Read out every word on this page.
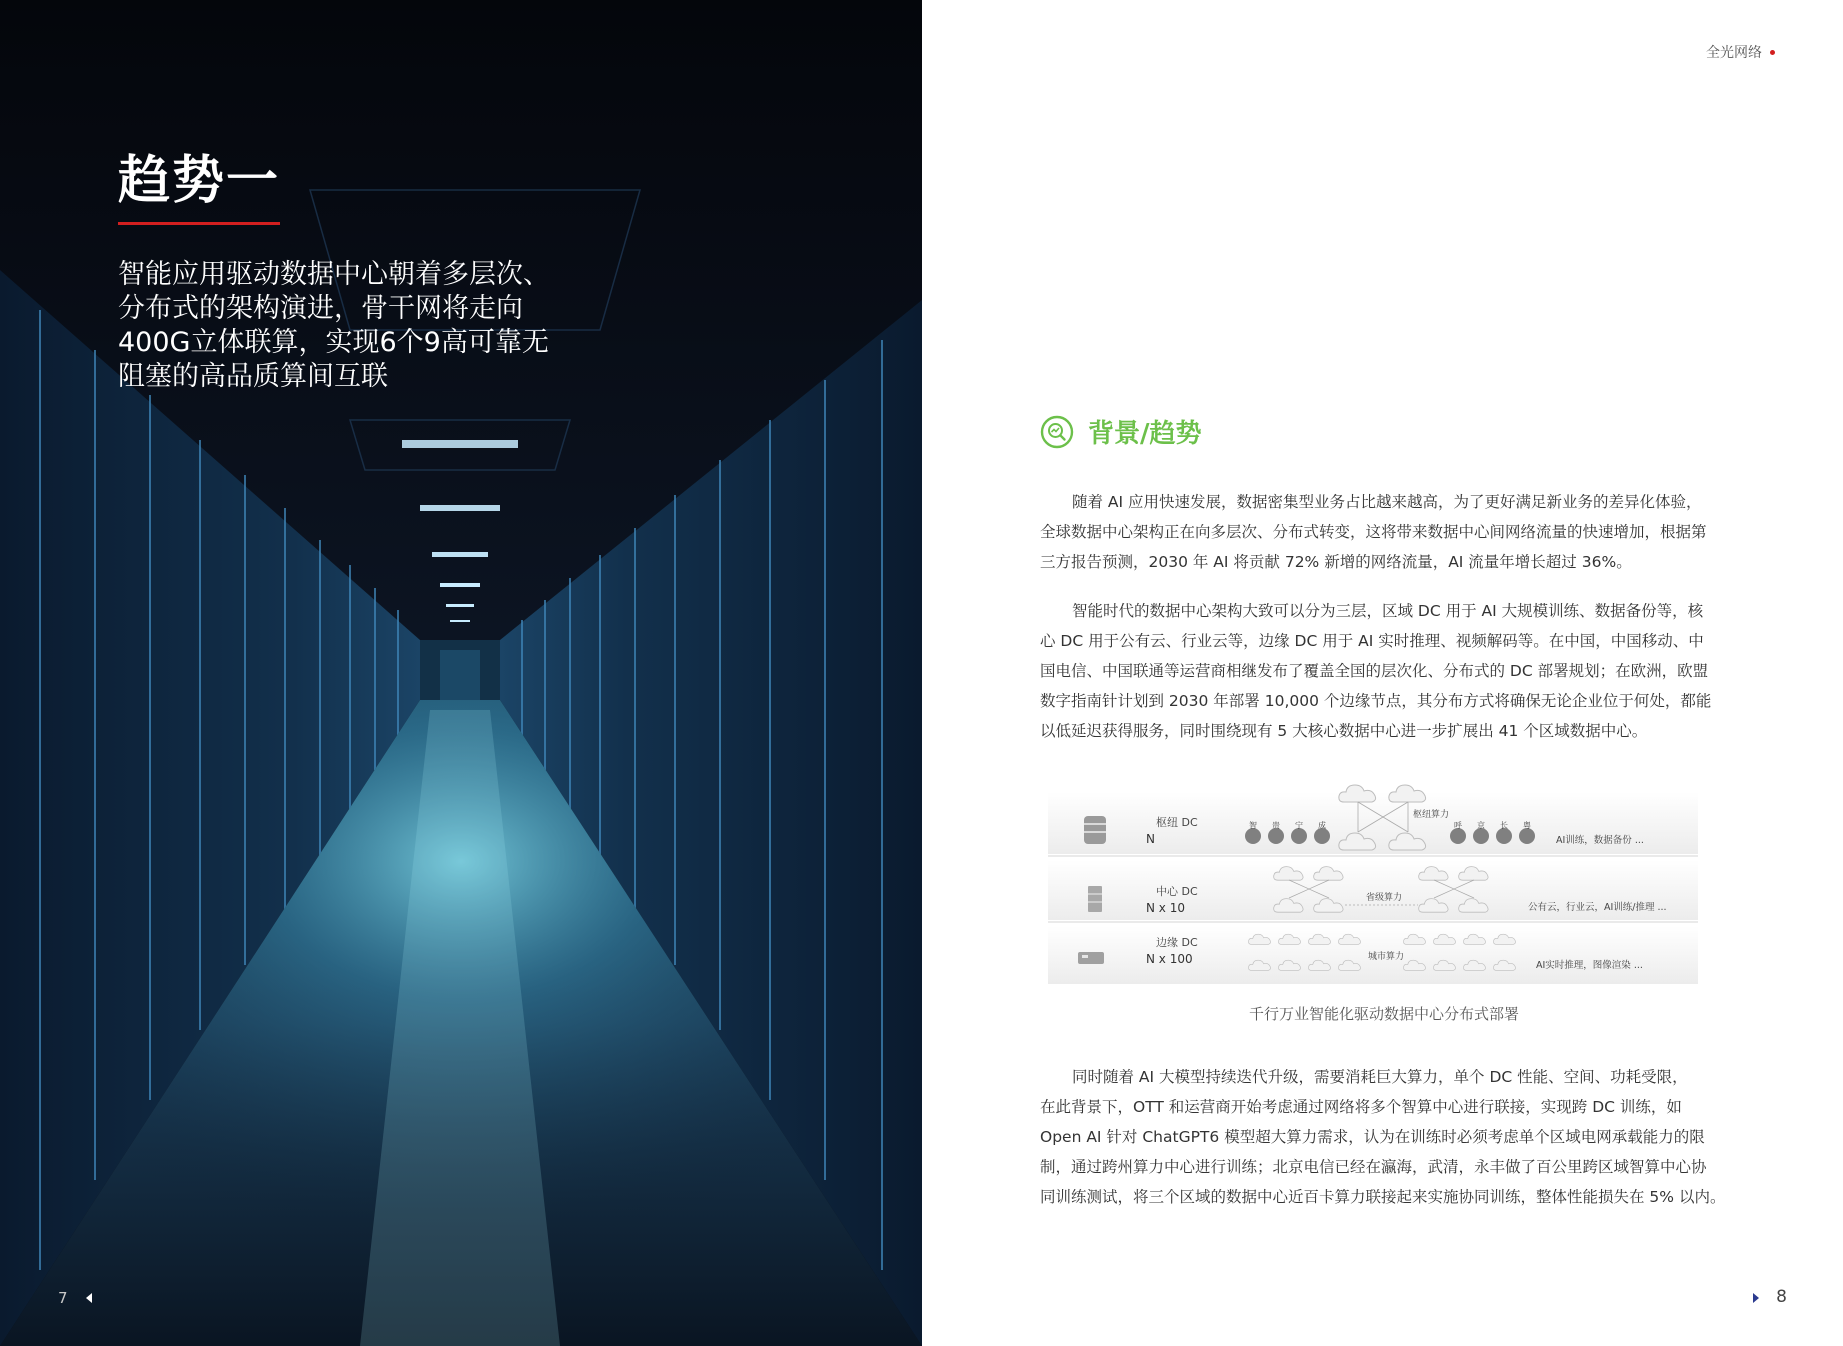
趋势一
智能应用驱动数据中心朝着多层次、
分布式的架构演进，骨干网将走向
400G立体联算，实现6个9高可靠无
阻塞的高品质算间互联
7
全光网络
背景/趋势
随着 AI 应用快速发展，数据密集型业务占比越来越高，为了更好满足新业务的差异化体验，
全球数据中心架构正在向多层次、分布式转变，这将带来数据中心间网络流量的快速增加，根据第
三方报告预测，2030 年 AI 将贡献 72% 新增的网络流量，AI 流量年增长超过 36%。
智能时代的数据中心架构大致可以分为三层，区域 DC 用于 AI 大规模训练、数据备份等，核
心 DC 用于公有云、行业云等，边缘 DC 用于 AI 实时推理、视频解码等。在中国，中国移动、中
国电信、中国联通等运营商相继发布了覆盖全国的层次化、分布式的 DC 部署规划；在欧洲，欧盟
数字指南针计划到 2030 年部署 10,000 个边缘节点，其分布方式将确保无论企业位于何处，都能
以低延迟获得服务，同时围绕现有 5 大核心数据中心进一步扩展出 41 个区域数据中心。
枢纽 DC
N
智 贵 宁 成
枢纽算力
呼 京 长 粤
AI训练，数据备份 ...
中心 DC
N x 10
省级算力
公有云，行业云，AI训练/推理 ...
边缘 DC
N x 100	城市算力
AI实时推理，图像渲染 ...
千行万业智能化驱动数据中心分布式部署
同时随着 AI 大模型持续迭代升级，需要消耗巨大算力，单个 DC 性能、空间、功耗受限，
在此背景下，OTT 和运营商开始考虑通过网络将多个智算中心进行联接，实现跨 DC 训练，如
Open AI 针对 ChatGPT6 模型超大算力需求，认为在训练时必须考虑单个区域电网承载能力的限
制，通过跨州算力中心进行训练；北京电信已经在瀛海，武清，永丰做了百公里跨区域智算中心协
同训练测试，将三个区域的数据中心近百卡算力联接起来实施协同训练，整体性能损失在 5% 以内。
8
